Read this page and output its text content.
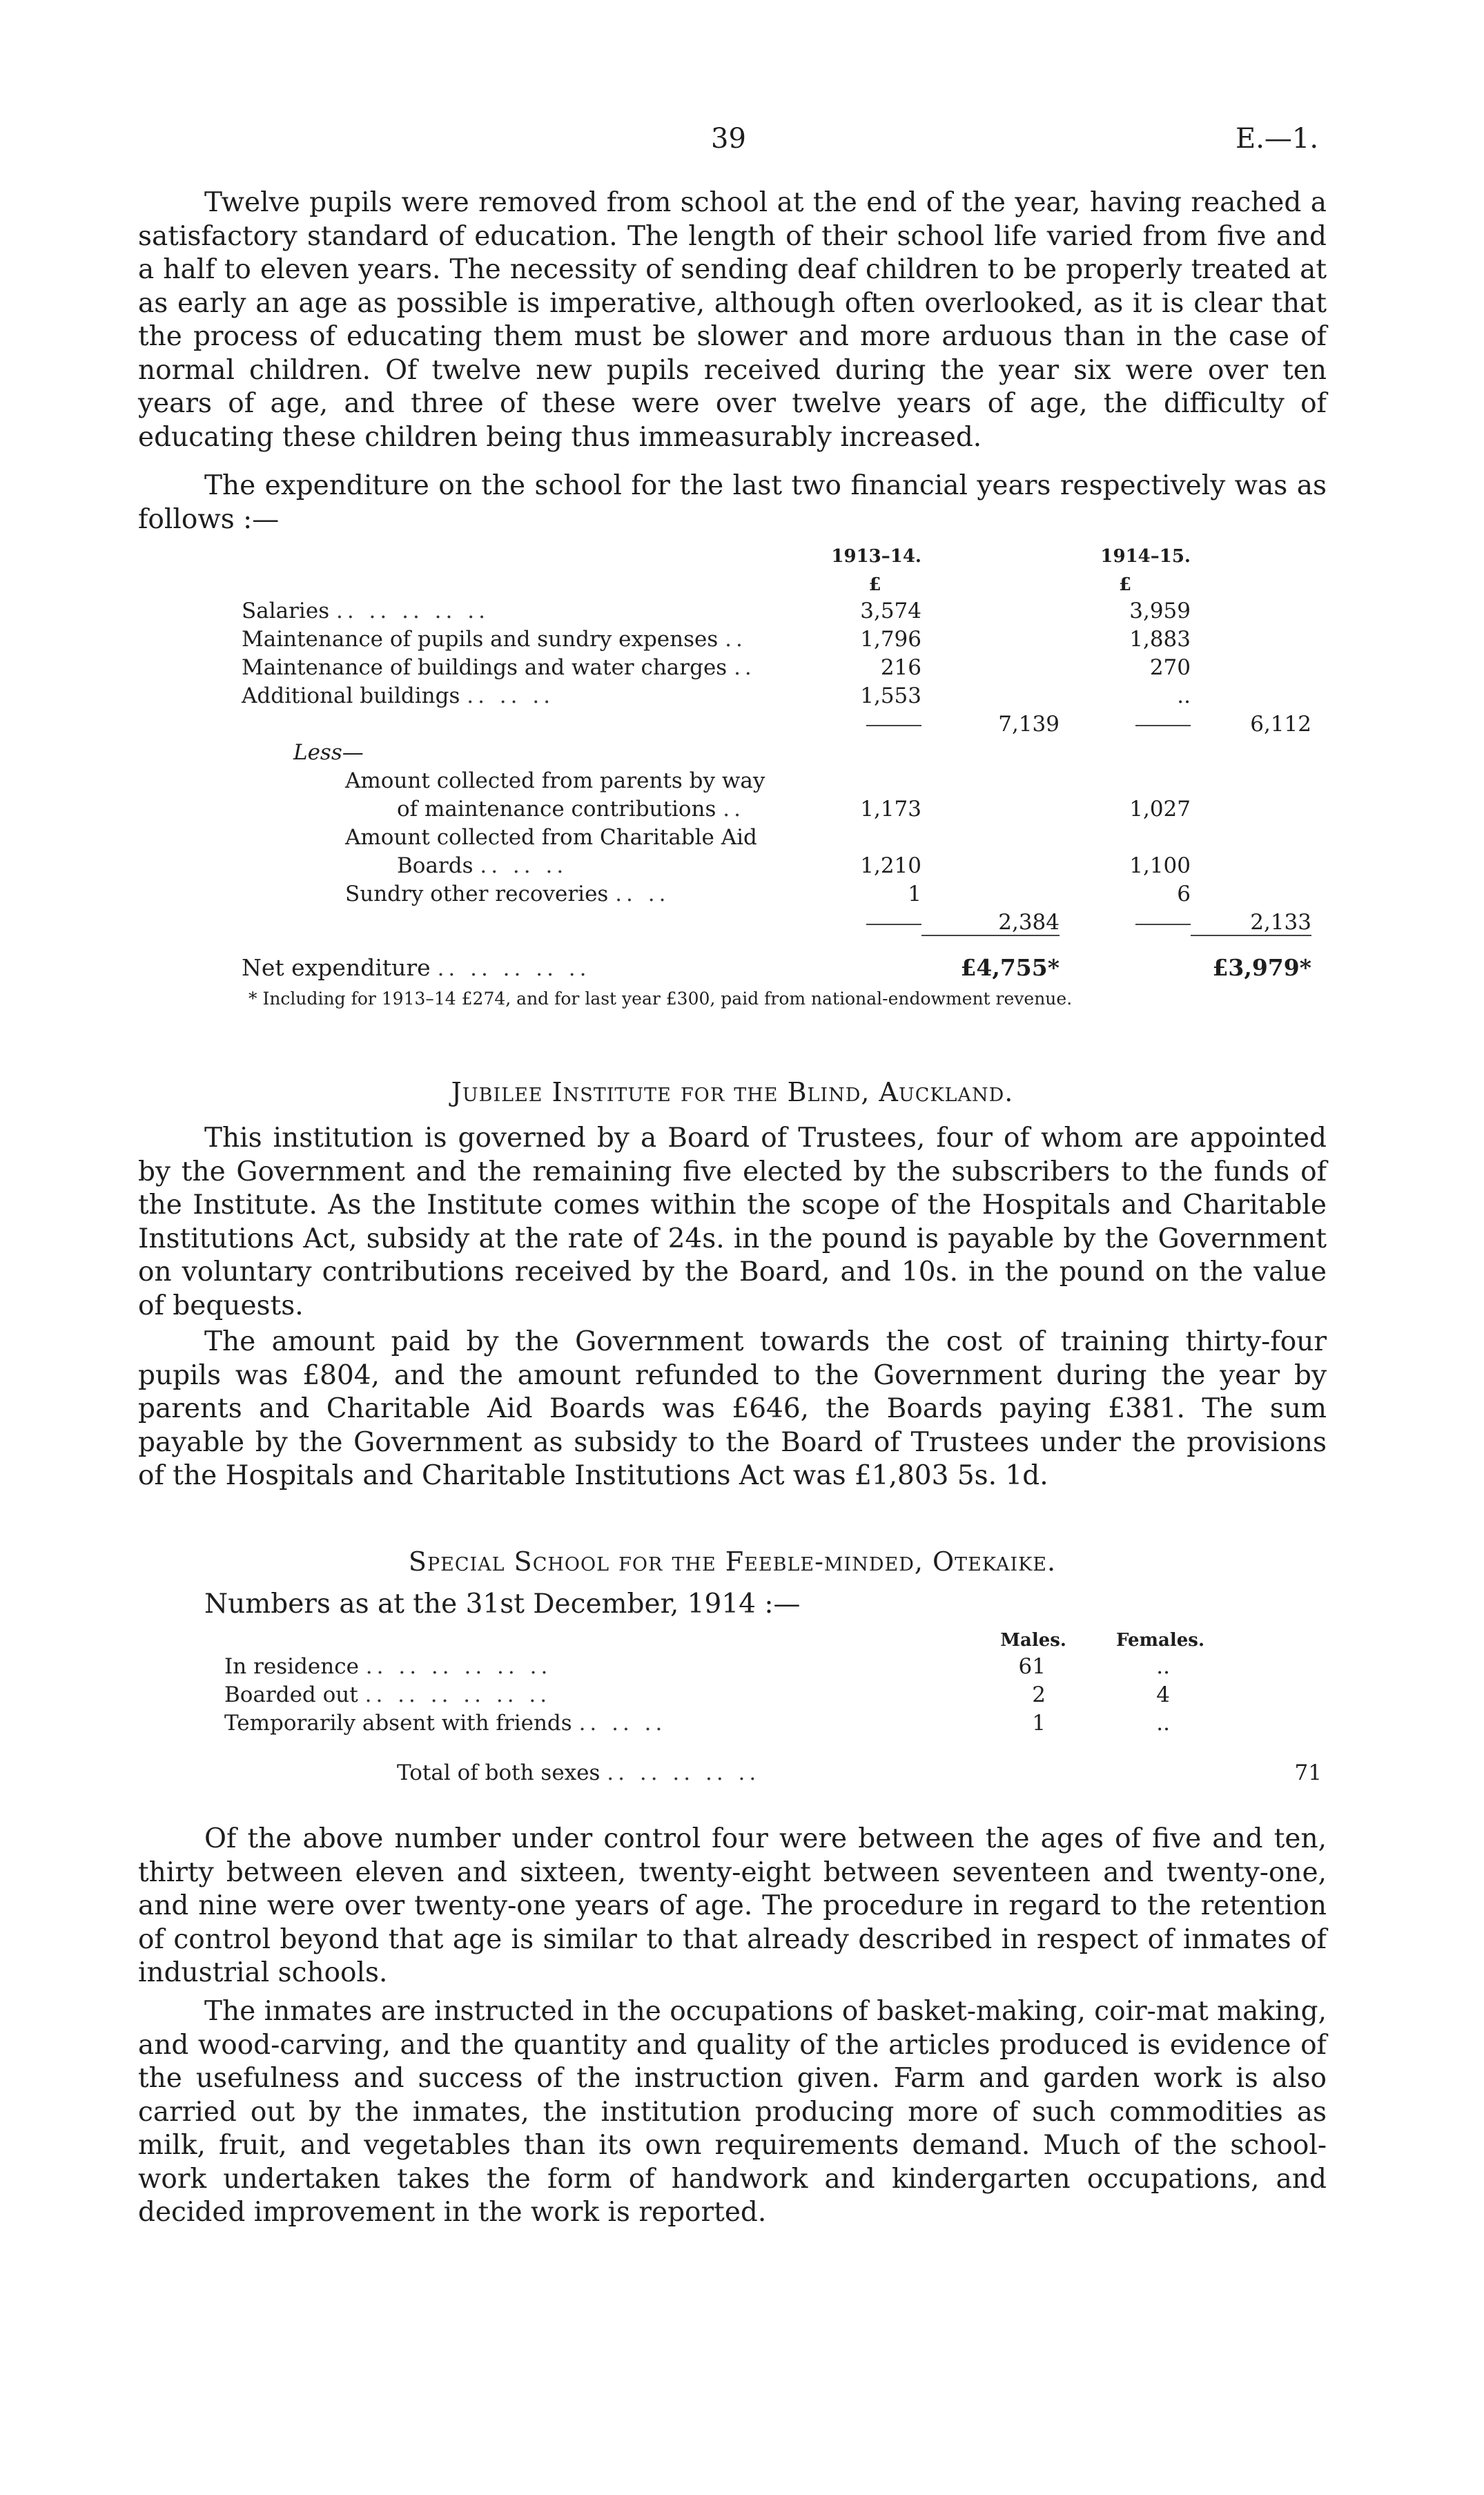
39	E.—1.

Twelve pupils were removed from school at the end of the year, having reached a satisfactory standard of education. The length of their school life varied from five and a half to eleven years. The necessity of sending deaf children to be properly treated at as early an age as possible is imperative, although often overlooked, as it is clear that the process of educating them must be slower and more arduous than in the case of normal children. Of twelve new pupils received during the year six were over ten years of age, and three of these were over twelve years of age, the difficulty of educating these children being thus immeasurably increased.

The expenditure on the school for the last two financial years respectively was as follows :—

	1913–14.		1914–15.	
	£		£	
Salaries .. .. .. .. ..	3,574		3,959	
Maintenance of pupils and sundry expenses ..	1,796		1,883	
Maintenance of buildings and water charges ..	216		270	
Additional buildings .. .. ..	1,553		..	
		7,139		6,112
Less—				
Amount collected from parents by way				
of maintenance contributions ..	1,173		1,027	
Amount collected from Charitable Aid				
Boards .. .. ..	1,210		1,100	
Sundry other recoveries .. ..	1		6	
		2,384		2,133
Net expenditure .. .. .. .. ..		£4,755*		£3,979*
* Including for 1913–14 £274, and for last year £300, paid from national-endowment revenue.
Jubilee Institute for the Blind, Auckland.

This institution is governed by a Board of Trustees, four of whom are appointed by the Government and the remaining five elected by the subscribers to the funds of the Institute. As the Institute comes within the scope of the Hospitals and Charitable Institutions Act, subsidy at the rate of 24s. in the pound is payable by the Government on voluntary contributions received by the Board, and 10s. in the pound on the value of bequests.

The amount paid by the Government towards the cost of training thirty-four pupils was £804, and the amount refunded to the Government during the year by parents and Charitable Aid Boards was £646, the Boards paying £381. The sum payable by the Government as subsidy to the Board of Trustees under the provisions of the Hospitals and Charitable Institutions Act was £1,803 5s. 1d.

Special School for the Feeble-minded, Otekaike.

Numbers as at the 31st December, 1914 :—

	Males.	Females.	
In residence .. .. .. .. .. ..	61	..	
Boarded out .. .. .. .. .. ..	2	4	
Temporarily absent with friends .. .. ..	1	..	
Total of both sexes .. .. .. .. ..			71

Of the above number under control four were between the ages of five and ten, thirty between eleven and sixteen, twenty-eight between seventeen and twenty-one, and nine were over twenty-one years of age. The procedure in regard to the retention of control beyond that age is similar to that already described in respect of inmates of industrial schools.

The inmates are instructed in the occupations of basket-making, coir-mat making, and wood-carving, and the quantity and quality of the articles produced is evidence of the usefulness and success of the instruction given. Farm and garden work is also carried out by the inmates, the institution producing more of such commodities as milk, fruit, and vegetables than its own requirements demand. Much of the school-work undertaken takes the form of handwork and kindergarten occupations, and decided improvement in the work is reported.
